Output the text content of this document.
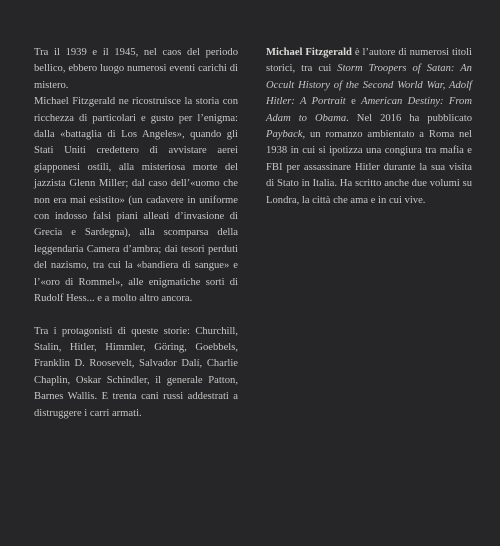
Tra il 1939 e il 1945, nel caos del periodo bellico, ebbero luogo numerosi eventi carichi di mistero.

Michael Fitzgerald ne ricostruisce la storia con ricchezza di particolari e gusto per l’enigma: dalla «battaglia di Los Angeles», quando gli Stati Uniti credettero di avvistare aerei giapponesi ostili, alla misteriosa morte del jazzista Glenn Miller; dal caso dell’«uomo che non era mai esistito» (un cadavere in uniforme con indosso falsi piani alleati d’invasione di Grecia e Sardegna), alla scomparsa della leggendaria Camera d’ambra; dai tesori perduti del nazismo, tra cui la «bandiera di sangue» e l’«oro di Rommel», alle enigmatiche sorti di Rudolf Hess... e a molto altro ancora.

Tra i protagonisti di queste storie: Churchill, Stalin, Hitler, Himmler, Göring, Goebbels, Franklin D. Roosevelt, Salvador Dalí, Charlie Chaplin, Oskar Schindler, il generale Patton, Barnes Wallis. E trenta cani russi addestrati a distruggere i carri armati.

Michael Fitzgerald è l’autore di numerosi titoli storici, tra cui Storm Troopers of Satan: An Occult History of the Second World War, Adolf Hitler: A Portrait e American Destiny: From Adam to Obama. Nel 2016 ha pubblicato Payback, un romanzo ambientato a Roma nel 1938 in cui si ipotizza una congiura tra mafia e FBI per assassinare Hitler durante la sua visita di Stato in Italia. Ha scritto anche due volumi su Londra, la città che ama e in cui vive.
